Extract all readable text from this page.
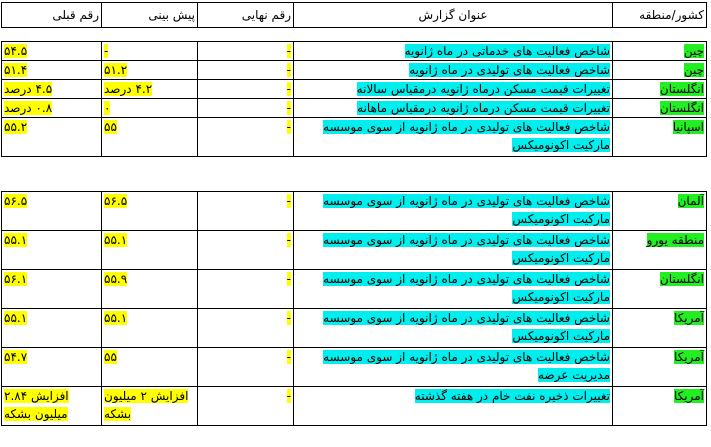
کشور/منطقه	عنوان گزارش	رقم نهایی	پیش بینی	رقم قبلی
چین	شاخص فعالیت های خدماتی در ماه ژانویه	-	-	۵۴.۵
چین	شاخص فعالیت های تولیدی در ماه ژانویه	-	۵۱.۲	۵۱.۴
انگلستان	تغییرات قیمت مسکن درماه ژانویه درمقیاس سالانه	-	۴.۲ درصد	۴.۵ درصد
انگلستان	تغییرات قیمت مسکن درماه ژانویه درمقیاس ماهانه	-	۰	۰.۸ درصد
اسپانیا	شاخص فعالیت های تولیدی در ماه ژانویه از سوی موسسه مارکیت اکونومیکس	-	۵۵	۵۵.۲
آلمان	شاخص فعالیت های تولیدی در ماه ژانویه از سوی موسسه مارکیت اکونومیکس	-	۵۶.۵	۵۶.۵
منطقه یورو	شاخص فعالیت های تولیدی در ماه ژانویه از سوی موسسه مارکیت اکونومیکس	-	۵۵.۱	۵۵.۱
انگلستان	شاخص فعالیت های تولیدی در ماه ژانویه از سوی موسسه مارکیت اکونومیکس	-	۵۵.۹	۵۶.۱
آمریکا	شاخص فعالیت های تولیدی در ماه ژانویه از سوی موسسه مارکیت اکونومیکس	-	۵۵.۱	۵۵.۱
آمریکا	شاخص فعالیت های تولیدی در ماه ژانویه از سوی موسسه مدیریت عرضه	-	۵۵	۵۴.۷
آمریکا	تغییرات ذخیره نفت خام در هفته گذشته	-	افزایش ۲ میلیون بشکه	افزایش ۲.۸۴ میلیون بشکه
